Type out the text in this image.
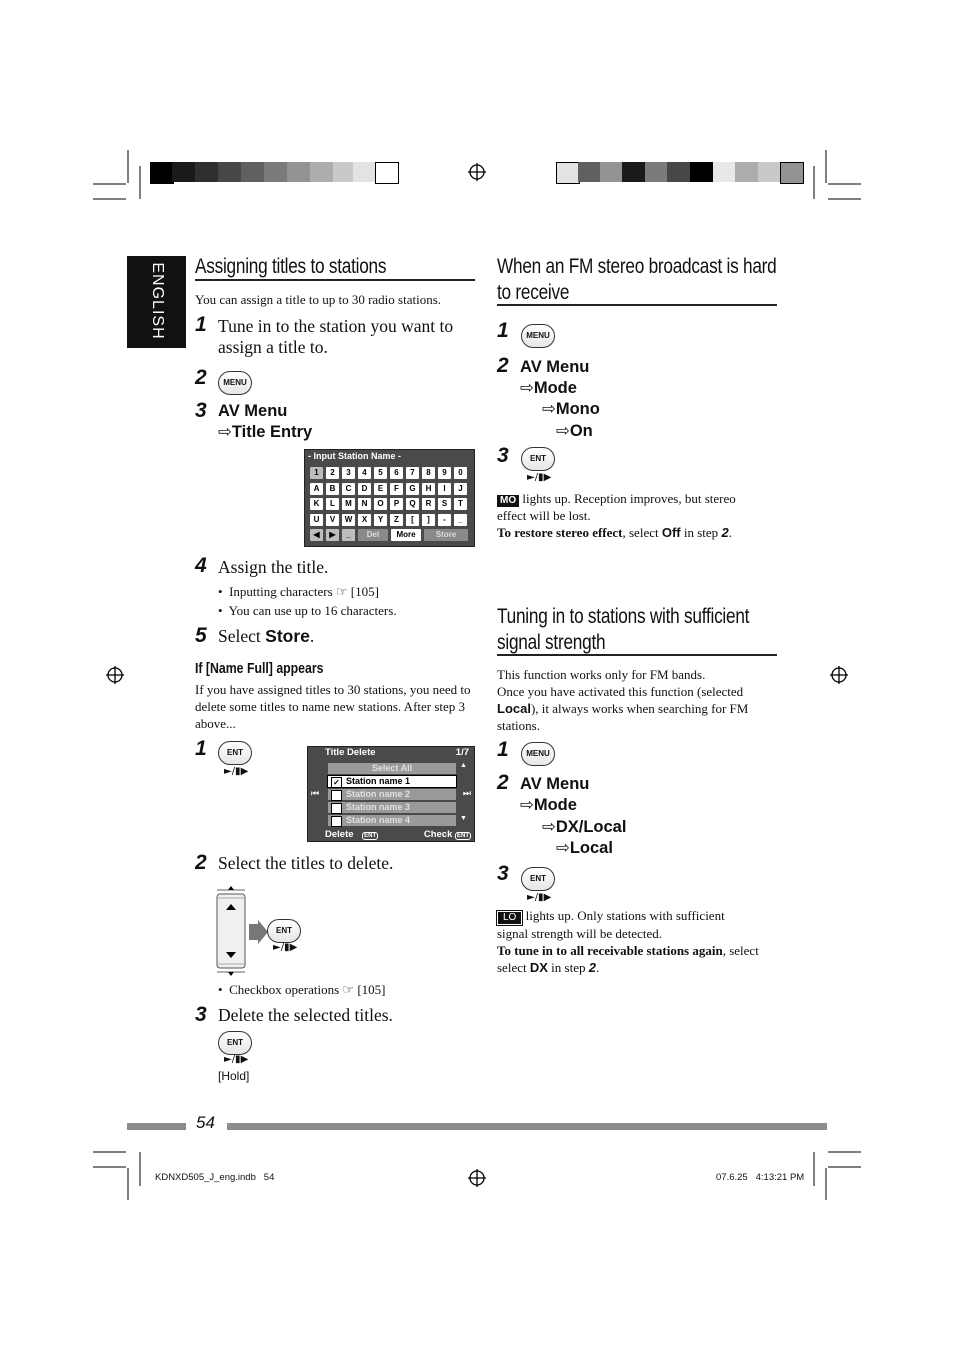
ENGLISH Assigning titles to stations
You can assign a title to up to 30 radio stations.
1 Tune in to the station you want to assign a title to.
2	MENU
3 AV Menu
⇨Title Entry
- Input Station Name -
1	2	3	4	5	6	7	8	9	0
A	B	C	D	E	F	G	H	I	J
K	L	M	N	O	P	Q	R	S	T
U	V	W	X	Y	Z	[	]	-	_
◀	▶	_	Del	More	Store
4 Assign the title.
•  Inputting characters ☞ [105]
•  You can use up to 16 characters.
5 Select Store.
If [Name Full] appears
If you have assigned titles to 30 stations, you need to delete some titles to name new stations. After step 3 above...
1	ENT
►/▮▶
Title Delete	1/7
⏮	⏭
▲
▼
Select All
✓ Station name 1
Station name 2
Station name 3
Station name 4
Delete ENT	Check ENT
2 Select the titles to delete.
ENT
►/▮▶
•  Checkbox operations ☞ [105]
3 Delete the selected titles.
ENT
►/▮▶
[Hold]
When an FM stereo broadcast is hard
to receive
1	MENU
2 AV Menu
⇨Mode
⇨Mono
⇨On
3	ENT
►/▮▶
MO lights up. Reception improves, but stereo
effect will be lost.
To restore stereo effect, select Off in step 2.
Tuning in to stations with sufficient
signal strength
This function works only for FM bands.
Once you have activated this function (selected Local), it always works when searching for FM stations.
1	MENU
2 AV Menu
⇨Mode
⇨DX/Local
⇨Local
3	ENT
►/▮▶
LO lights up. Only stations with sufficient
signal strength will be detected.
To tune in to all receivable stations again, select
select DX in step 2.
54
KDNXD505_J_eng.indb   54	07.6.25   4:13:21 PM
